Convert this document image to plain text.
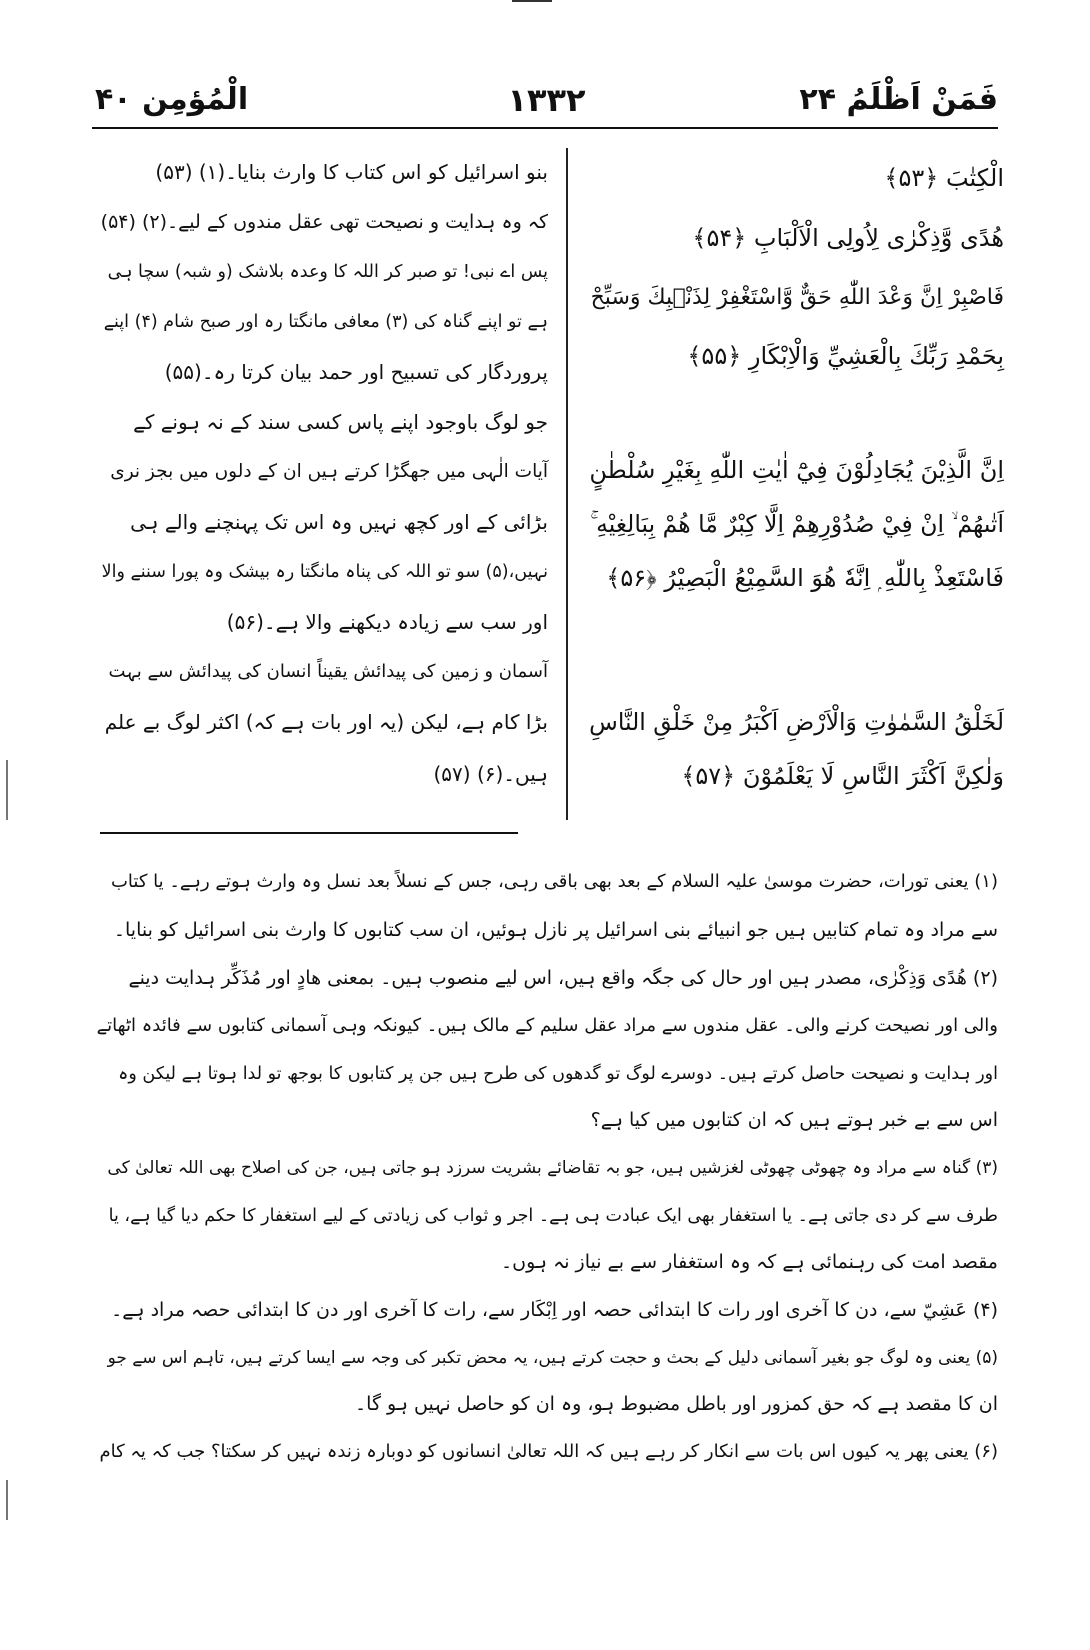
فَمَنْ اَظْلَمُ ۲۴
۱۳۳۲
الْمُؤمِن ۴۰
الْكِتٰبَ ﴿۵۳﴾
هُدًى وَّذِكْرٰى لِاُولِى الْاَلْبَابِ ﴿۵۴﴾
فَاصْبِرْ اِنَّ وَعْدَ اللّٰهِ حَقٌّ وَّاسْتَغْفِرْ لِذَنْۢبِكَ وَسَبِّحْ
بِحَمْدِ رَبِّكَ بِالْعَشِيِّ وَالْاِبْكَارِ ﴿۵۵﴾
اِنَّ الَّذِيْنَ يُجَادِلُوْنَ فِيْٓ اٰيٰتِ اللّٰهِ بِغَيْرِ سُلْطٰنٍ
اَتٰىهُمْ ۙ اِنْ فِيْ صُدُوْرِهِمْ اِلَّا كِبْرٌ مَّا هُمْ بِبَالِغِيْهِ ۚ
فَاسْتَعِذْ بِاللّٰهِ ۭ اِنَّهٗ هُوَ السَّمِيْعُ الْبَصِيْرُ ﴿۵۶﴾
لَخَلْقُ السَّمٰوٰتِ وَالْاَرْضِ اَكْبَرُ مِنْ خَلْقِ النَّاسِ
وَلٰكِنَّ اَكْثَرَ النَّاسِ لَا يَعْلَمُوْنَ ﴿۵۷﴾
بنو اسرائیل کو اس کتاب کا وارث بنایا۔(۱) (۵۳)
کہ وہ ہدایت و نصیحت تھی عقل مندوں کے لیے۔(۲) (۵۴)
پس اے نبی! تو صبر کر اللہ کا وعدہ بلاشک (و شبہ) سچا ہی
ہے تو اپنے گناہ کی (۳) معافی مانگتا رہ اور صبح شام (۴) اپنے
پروردگار کی تسبیح اور حمد بیان کرتا رہ۔(۵۵)
جو لوگ باوجود اپنے پاس کسی سند کے نہ ہونے کے
آیات الٰہی میں جھگڑا کرتے ہیں ان کے دلوں میں بجز نری
بڑائی کے اور کچھ نہیں وہ اس تک پہنچنے والے ہی
نہیں،(۵) سو تو اللہ کی پناہ مانگتا رہ بیشک وہ پورا سننے والا
اور سب سے زیادہ دیکھنے والا ہے۔(۵۶)
آسمان و زمین کی پیدائش یقیناً انسان کی پیدائش سے بہت
بڑا کام ہے، لیکن (یہ اور بات ہے کہ) اکثر لوگ بے علم
ہیں۔(۶) (۵۷)
(۱) یعنی تورات، حضرت موسیٰ علیہ السلام کے بعد بھی باقی رہی، جس کے نسلاً بعد نسل وہ وارث ہوتے رہے۔ یا کتاب
سے مراد وہ تمام کتابیں ہیں جو انبیائے بنی اسرائیل پر نازل ہوئیں، ان سب کتابوں کا وارث بنی اسرائیل کو بنایا۔
(۲) هُدًى وَذِكْرٰى، مصدر ہیں اور حال کی جگہ واقع ہیں، اس لیے منصوب ہیں۔ بمعنی هادٍ اور مُذَكِّر ہدایت دینے
والی اور نصیحت کرنے والی۔ عقل مندوں سے مراد عقل سلیم کے مالک ہیں۔ کیونکہ وہی آسمانی کتابوں سے فائدہ اٹھاتے
اور ہدایت و نصیحت حاصل کرتے ہیں۔ دوسرے لوگ تو گدھوں کی طرح ہیں جن پر کتابوں کا بوجھ تو لدا ہوتا ہے لیکن وہ
اس سے بے خبر ہوتے ہیں کہ ان کتابوں میں کیا ہے؟
(۳) گناہ سے مراد وہ چھوٹی چھوٹی لغزشیں ہیں، جو بہ تقاضائے بشریت سرزد ہو جاتی ہیں، جن کی اصلاح بھی اللہ تعالیٰ کی
طرف سے کر دی جاتی ہے۔ یا استغفار بھی ایک عبادت ہی ہے۔ اجر و ثواب کی زیادتی کے لیے استغفار کا حکم دیا گیا ہے، یا
مقصد امت کی رہنمائی ہے کہ وہ استغفار سے بے نیاز نہ ہوں۔
(۴) عَشِيّ سے، دن کا آخری اور رات کا ابتدائی حصہ اور اِبْكَار سے، رات کا آخری اور دن کا ابتدائی حصہ مراد ہے۔
(۵) یعنی وہ لوگ جو بغیر آسمانی دلیل کے بحث و حجت کرتے ہیں، یہ محض تکبر کی وجہ سے ایسا کرتے ہیں، تاہم اس سے جو
ان کا مقصد ہے کہ حق کمزور اور باطل مضبوط ہو، وہ ان کو حاصل نہیں ہو گا۔
(۶) یعنی پھر یہ کیوں اس بات سے انکار کر رہے ہیں کہ اللہ تعالیٰ انسانوں کو دوبارہ زندہ نہیں کر سکتا؟ جب کہ یہ کام
